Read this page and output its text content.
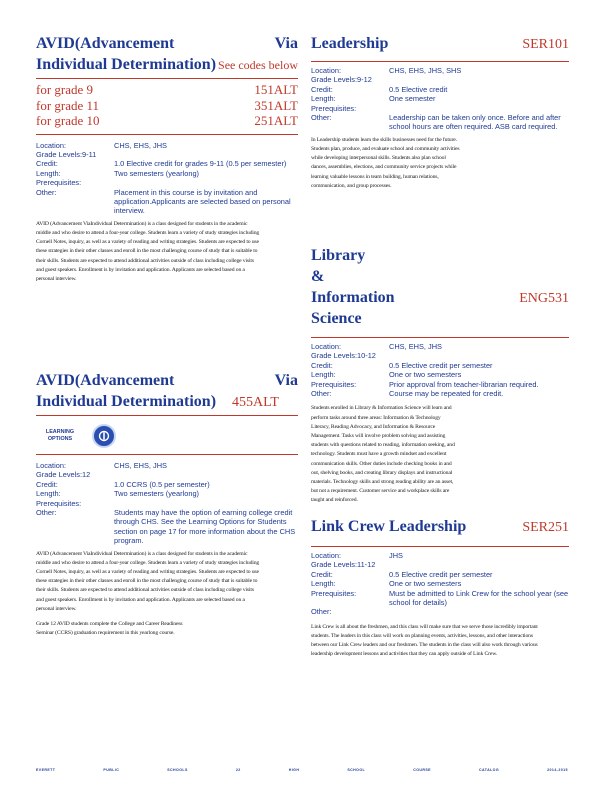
AVID(Advancement Via
Individual Determination) See codes below
for grade 9	151ALT
for grade 11	351ALT
for grade 10	251ALT
Location:	CHS, EHS, JHS
Grade Levels:9-11
Credit:	1.0 Elective credit for grades 9-11 (0.5 per semester)
Length:	Two semesters (yearlong)
Prerequisites:
Other:	Placement in this course is by invitation and application.Applicants are selected based on personal interview.
AVID (Advancement ViaIndividual Determination) is a class designed for students in the academic middle and who desire to attend a four-year college. Students learn a variety of study strategies including Cornell Notes, inquiry, as well as a variety of reading and writing strategies. Students are expected to use these strategies in their other classes and enroll in the most challenging course of study that is suitable to their skills. Students are expected to attend additional activities outside of class including college visits and guest speakers. Enrollment is by invitation and application. Applicants are selected based on a personal interview.
AVID(Advancement Via
Individual Determination) 455ALT
LEARNING
OPTIONS
Location:	CHS, EHS, JHS
Grade Levels:12
Credit:	1.0 CCRS (0.5 per semester)
Length:	Two semesters (yearlong)
Prerequisites:
Other:	Students may have the option of earning college credit through CHS. See the Learning Options for Students section on page 17 for more information about the CHS program.
AVID (Advancement ViaIndividual Determination) is a class designed for students in the academic middle and who desire to attend a four-year college. Students learn a variety of study strategies including Cornell Notes, inquiry, as well as a variety of reading and writing strategies. Students are expected to use these strategies in their other classes and enroll in the most challenging course of study that is suitable to their skills. Students are expected to attend additional activities outside of class including college visits and guest speakers. Enrollment is by invitation and application. Applicants are selected based on a personal interview.
Grade 12 AVID students complete the College and Career Readiness Seminar (CCRS) graduation requirement in this yearlong course.
Leadership	SER101
Location:	CHS, EHS, JHS, SHS
Grade Levels:9-12
Credit:	0.5 Elective credit
Length:	One semester
Prerequisites:
Other:	Leadership can be taken only once. Before and after school hours are often required. ASB card required.
In Leadership students learn the skills businesses need for the future. Students plan, produce, and evaluate school and community activities while developing interpersonal skills. Students also plan school dances, assemblies, elections, and community service projects while learning valuable lessons in team building, human relations, communication, and group processes.
Library &
Information Science
ENG531
Location:	CHS, EHS, JHS
Grade Levels:10-12
Credit:	0.5 Elective credit per semester
Length:	One or two semesters
Prerequisites:	Prior approval from teacher-librarian required.
Other:	Course may be repeated for credit.
Students enrolled in Library & Information Science will learn and perform tasks around three areas: Information & Technology Literacy, Reading Advocacy, and Information & Resource Management. Tasks will involve problem solving and assisting students with questions related to reading, information seeking, and technology. Students must have a growth mindset and excellent communication skills. Other duties include checking books in and out, shelving books, and creating library displays and instructional materials. Technology skills and strong reading ability are an asset, but not a requirement. Customer service and workplace skills are taught and reinforced.
Link Crew Leadership	SER251
Location:	JHS
Grade Levels:11-12
Credit:	0.5 Elective credit per semester
Length:	One or two semesters
Prerequisites:	Must be admitted to Link Crew for the school year (see school for details)
Other:
Link Crew is all about the freshmen, and this class will make sure that we serve those incredibly important students. The leaders in this class will work on planning events, activities, lessons, and other interactions between our Link Crew leaders and our freshmen. The students in the class will also work through various leadership development lessons and activities that they can apply outside of Link Crew.
EVERETT	PUBLIC	SCHOOLS	22	HIGH	SCHOOL	COURSE	CATALOG	2014-2015
